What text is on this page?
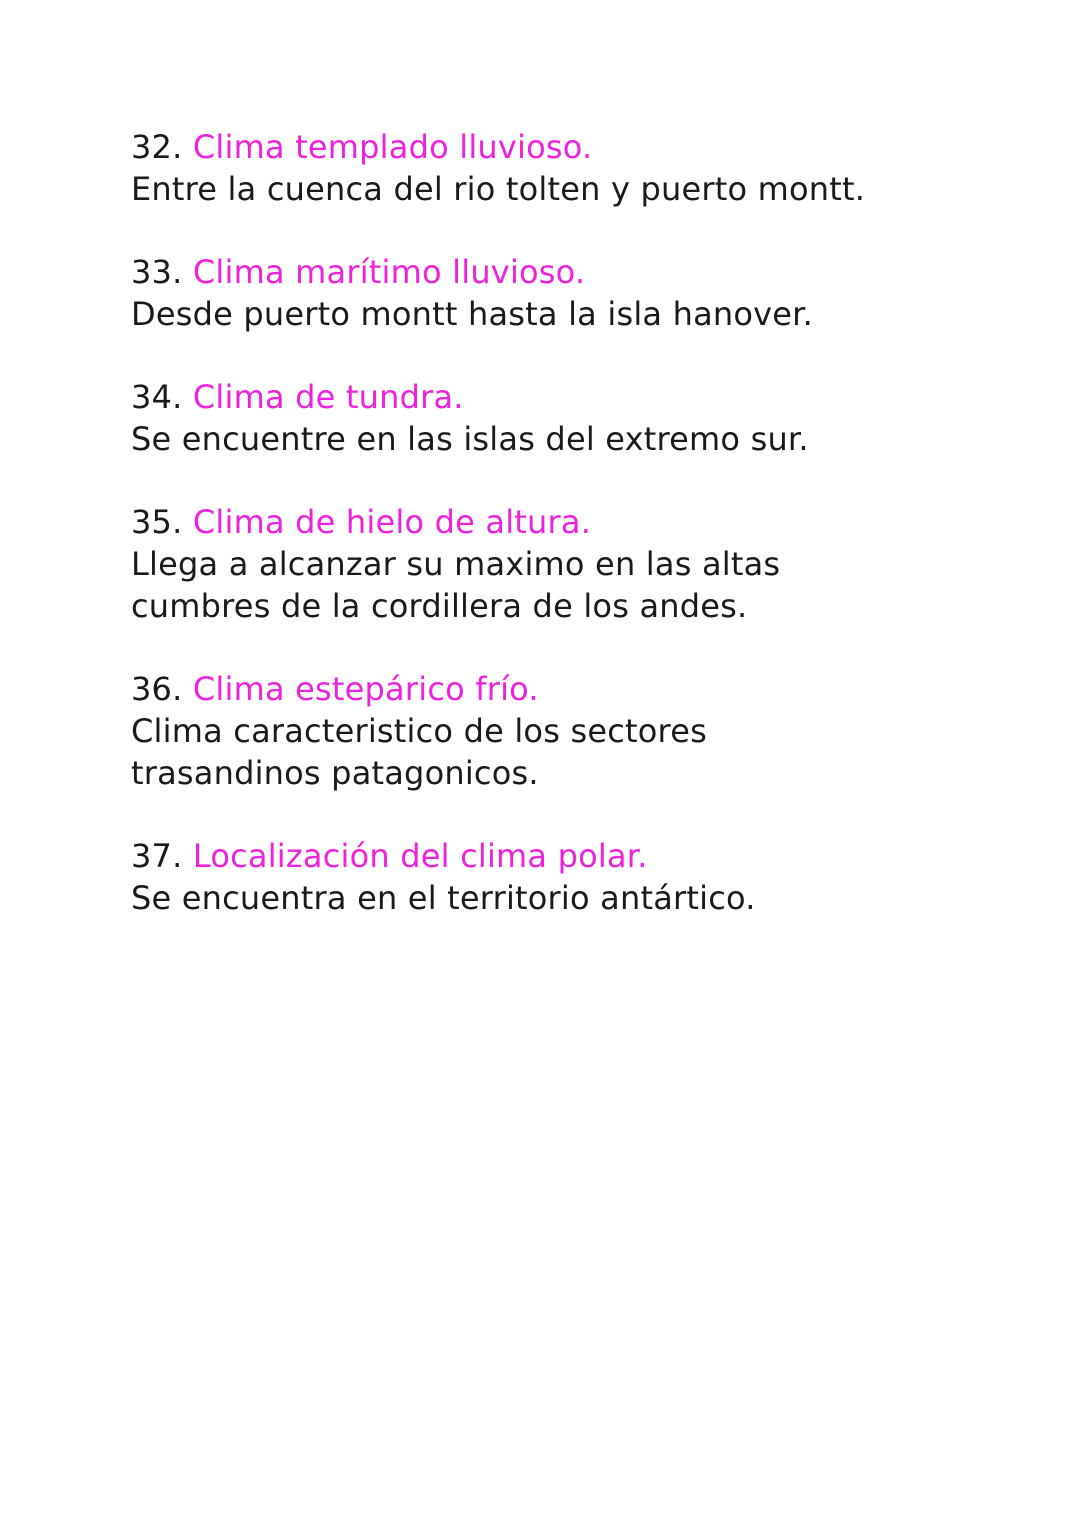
32. Clima templado lluvioso.
Entre la cuenca del rio tolten y puerto montt.
33. Clima marítimo lluvioso.
Desde puerto montt hasta la isla hanover.
34. Clima de tundra.
Se encuentre en las islas del extremo sur.
35. Clima de hielo de altura.
Llega a alcanzar su maximo en las altas
cumbres de la cordillera de los andes.
36. Clima estepárico frío.
Clima caracteristico de los sectores
trasandinos patagonicos.
37. Localización del clima polar.
Se encuentra en el territorio antártico.
